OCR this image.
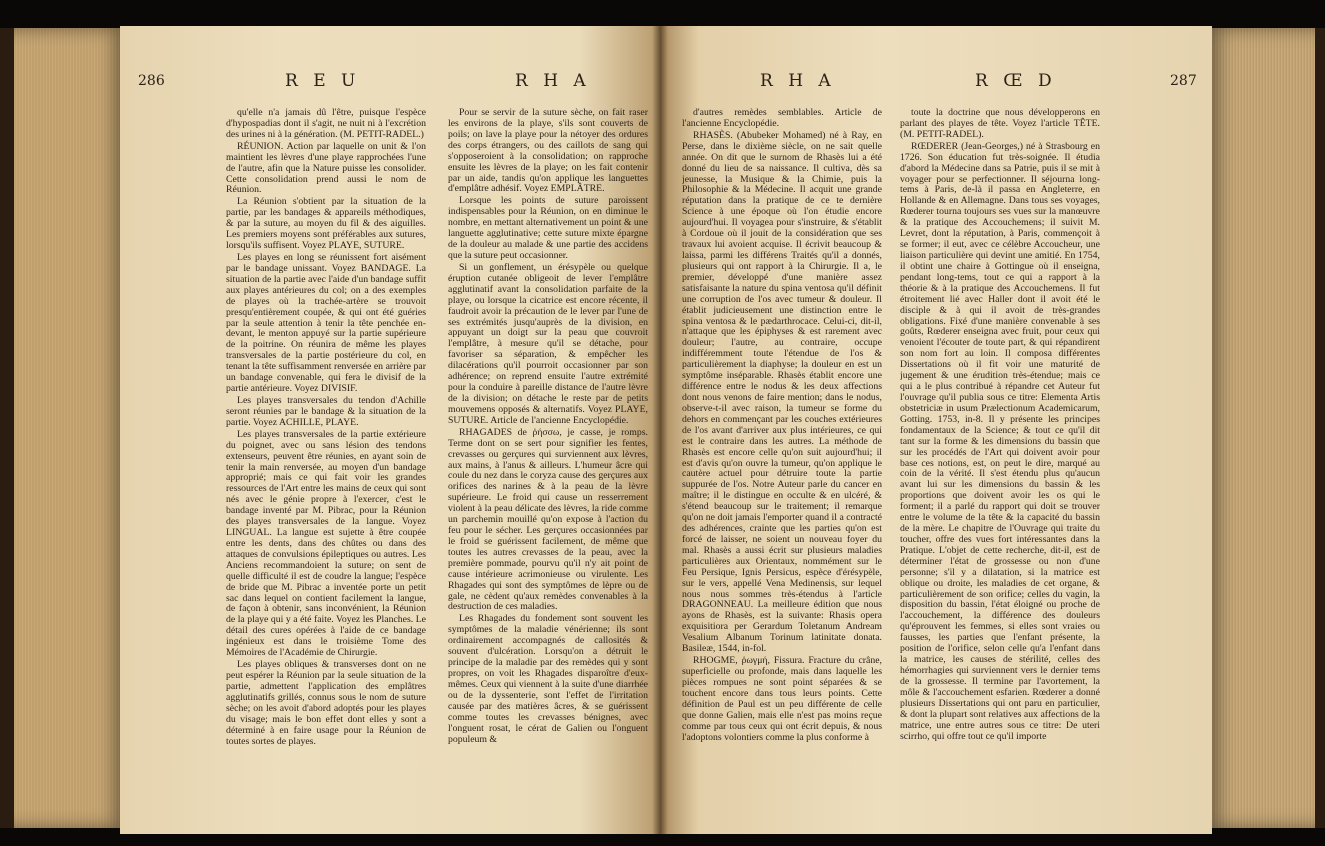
286	R E U	R H A

qu'elle n'a jamais dû l'être, puisque l'espèce d'hypospadias dont il s'agit, ne nuit ni à l'excrétion des urines ni à la génération. (M. PETIT-RADEL.)

RÉUNION. Action par laquelle on unit & l'on maintient les lèvres d'une playe rapprochées l'une de l'autre, afin que la Nature puisse les consolider. Cette consolidation prend aussi le nom de Réunion.

La Réunion s'obtient par la situation de la partie, par les bandages & appareils méthodiques, & par la suture, au moyen du fil & des aiguilles. Les premiers moyens sont préférables aux sutures, lorsqu'ils suffisent. Voyez PLAYE, SUTURE.

Les playes en long se réunissent fort aisément par le bandage unissant. Voyez BANDAGE. La situation de la partie avec l'aide d'un bandage suffit aux playes antérieures du col; on a des exemples de playes où la trachée-artère se trouvoit presqu'entièrement coupée, & qui ont été guéries par la seule attention à tenir la tête penchée en-devant, le menton appuyé sur la partie supérieure de la poitrine. On réunira de même les playes transversales de la partie postérieure du col, en tenant la tête suffisamment renversée en arrière par un bandage convenable, qui fera le divisif de la partie antérieure. Voyez DIVISIF.

Les playes transversales du tendon d'Achille seront réunies par le bandage & la situation de la partie. Voyez ACHILLE, PLAYE.

Les playes transversales de la partie extérieure du poignet, avec ou sans lésion des tendons extenseurs, peuvent être réunies, en ayant soin de tenir la main renversée, au moyen d'un bandage approprié; mais ce qui fait voir les grandes ressources de l'Art entre les mains de ceux qui sont nés avec le génie propre à l'exercer, c'est le bandage inventé par M. Pibrac, pour la Réunion des playes transversales de la langue. Voyez LINGUAL. La langue est sujette à être coupée entre les dents, dans des chûtes ou dans des attaques de convulsions épileptiques ou autres. Les Anciens recommandoient la suture; on sent de quelle difficulté il est de coudre la langue; l'espèce de bride que M. Pibrac a inventée porte un petit sac dans lequel on contient facilement la langue, de façon à obtenir, sans inconvénient, la Réunion de la playe qui y a été faite. Voyez les Planches. Le détail des cures opérées à l'aide de ce bandage ingénieux est dans le troisième Tome des Mémoires de l'Académie de Chirurgie.

Les playes obliques & transverses dont on ne peut espérer la Réunion par la seule situation de la partie, admettent l'application des emplâtres agglutinatifs grillés, connus sous le nom de suture sèche; on les avoit d'abord adoptés pour les playes du visage; mais le bon effet dont elles y sont a déterminé à en faire usage pour la Réunion de toutes sortes de playes.

Pour se servir de la suture sèche, on fait raser les environs de la playe, s'ils sont couverts de poils; on lave la playe pour la nétoyer des ordures des corps étrangers, ou des caillots de sang qui s'opposeroient à la consolidation; on rapproche ensuite les lèvres de la playe; on les fait contenir par un aide, tandis qu'on applique les languettes d'emplâtre adhésif. Voyez EMPLÂTRE.

Lorsque les points de suture paroissent indispensables pour la Réunion, on en diminue le nombre, en mettant alternativement un point & une languette agglutinative; cette suture mixte épargne de la douleur au malade & une partie des accidens que la suture peut occasionner.

Si un gonflement, un érésypèle ou quelque éruption cutanée obligeoit de lever l'emplâtre agglutinatif avant la consolidation parfaite de la playe, ou lorsque la cicatrice est encore récente, il faudroit avoir la précaution de le lever par l'une de ses extrémités jusqu'auprès de la division, en appuyant un doigt sur la peau que couvroit l'emplâtre, à mesure qu'il se détache, pour favoriser sa séparation, & empêcher les dilacérations qu'il pourroit occasionner par son adhérence; on reprend ensuite l'autre extrémité pour la conduire à pareille distance de l'autre lèvre de la division; on détache le reste par de petits mouvemens opposés & alternatifs. Voyez PLAYE, SUTURE. Article de l'ancienne Encyclopédie.

RHAGADES de ῥήσσω, je casse, je romps. Terme dont on se sert pour signifier les fentes, crevasses ou gerçures qui surviennent aux lèvres, aux mains, à l'anus & ailleurs. L'humeur âcre qui coule du nez dans le coryza cause des gerçures aux orifices des narines & à la peau de la lèvre supérieure. Le froid qui cause un resserrement violent à la peau délicate des lèvres, la ride comme un parchemin mouillé qu'on expose à l'action du feu pour le sécher. Les gerçures occasionnées par le froid se guérissent facilement, de même que toutes les autres crevasses de la peau, avec la première pommade, pourvu qu'il n'y ait point de cause intérieure acrimonieuse ou virulente. Les Rhagades qui sont des symptômes de lèpre ou de gale, ne cèdent qu'aux remèdes convenables à la destruction de ces maladies.

Les Rhagades du fondement sont souvent les symptômes de la maladie vénérienne; ils sont ordinairement accompagnés de callosités & souvent d'ulcération. Lorsqu'on a détruit le principe de la maladie par des remèdes qui y sont propres, on voit les Rhagades disparoître d'eux-mêmes. Ceux qui viennent à la suite d'une diarrhée ou de la dyssenterie, sont l'effet de l'irritation causée par des matières âcres, & se guérissent comme toutes les crevasses bénignes, avec l'onguent rosat, le cérat de Galien ou l'onguent populeum &

R H A	R Œ D	287

d'autres remèdes semblables. Article de l'ancienne Encyclopédie.

RHASÈS. (Abubeker Mohamed) né à Ray, en Perse, dans le dixième siècle, on ne sait quelle année. On dit que le surnom de Rhasès lui a été donné du lieu de sa naissance. Il cultiva, dès sa jeunesse, la Musique & la Chimie, puis la Philosophie & la Médecine. Il acquit une grande réputation dans la pratique de ce te dernière Science à une époque où l'on étudie encore aujourd'hui. Il voyagea pour s'instruire, & s'établit à Cordoue où il jouit de la considération que ses travaux lui avoient acquise. Il écrivit beaucoup & laissa, parmi les différens Traités qu'il a donnés, plusieurs qui ont rapport à la Chirurgie. Il a, le premier, développé d'une manière assez satisfaisante la nature du spina ventosa qu'il définit une corruption de l'os avec tumeur & douleur. Il établit judicieusement une distinction entre le spina ventosa & le pædarthrocace. Celui-ci, dit-il, n'attaque que les épiphyses & est rarement avec douleur; l'autre, au contraire, occupe indifféremment toute l'étendue de l'os & particulièrement la diaphyse; la douleur en est un symptôme inséparable. Rhasès établit encore une différence entre le nodus & les deux affections dont nous venons de faire mention; dans le nodus, observe-t-il avec raison, la tumeur se forme du dehors en commençant par les couches extérieures de l'os avant d'arriver aux plus intérieures, ce qui est le contraire dans les autres. La méthode de Rhasès est encore celle qu'on suit aujourd'hui; il est d'avis qu'on ouvre la tumeur, qu'on applique le cautère actuel pour détruire toute la partie suppurée de l'os. Notre Auteur parle du cancer en maître; il le distingue en occulte & en ulcéré, & s'étend beaucoup sur le traitement; il remarque qu'on ne doit jamais l'emporter quand il a contracté des adhérences, crainte que les parties qu'on est forcé de laisser, ne soient un nouveau foyer du mal. Rhasès a aussi écrit sur plusieurs maladies particulières aux Orientaux, nommément sur le Feu Persique, Ignis Persicus, espèce d'érésypèle, sur le vers, appellé Vena Medinensis, sur lequel nous nous sommes très-étendus à l'article DRAGONNEAU. La meilleure édition que nous ayons de Rhasès, est la suivante: Rhasis opera exquisitiora per Gerardum Toletanum Andream Vesalium Albanum Torinum latinitate donata. Basileæ, 1544, in-fol.

RHOGME, ῥωγμή, Fissura. Fracture du crâne, superficielle ou profonde, mais dans laquelle les pièces rompues ne sont point séparées & se touchent encore dans tous leurs points. Cette définition de Paul est un peu différente de celle que donne Galien, mais elle n'est pas moins reçue comme par tous ceux qui ont écrit depuis, & nous l'adoptons volontiers comme la plus conforme à

toute la doctrine que nous développerons en parlant des playes de tête. Voyez l'article TÊTE. (M. PETIT-RADEL).

RŒDERER (Jean-Georges,) né à Strasbourg en 1726. Son éducation fut très-soignée. Il étudia d'abord la Médecine dans sa Patrie, puis il se mit à voyager pour se perfectionner. Il séjourna long-tems à Paris, de-là il passa en Angleterre, en Hollande & en Allemagne. Dans tous ses voyages, Rœderer tourna toujours ses vues sur la manœuvre & la pratique des Accouchemens; il suivit M. Levret, dont la réputation, à Paris, commençoit à se former; il eut, avec ce célèbre Accoucheur, une liaison particulière qui devint une amitié. En 1754, il obtint une chaire à Gottingue où il enseigna, pendant long-tems, tout ce qui a rapport à la théorie & à la pratique des Accouchemens. Il fut étroitement lié avec Haller dont il avoit été le disciple & à qui il avoit de très-grandes obligations. Fixé d'une manière convenable à ses goûts, Rœderer enseigna avec fruit, pour ceux qui venoient l'écouter de toute part, & qui répandirent son nom fort au loin. Il composa différentes Dissertations où il fit voir une maturité de jugement & une érudition très-étendue; mais ce qui a le plus contribué à répandre cet Auteur fut l'ouvrage qu'il publia sous ce titre: Elementa Artis obstetriciæ in usum Prælectionum Academicarum, Gotting. 1753, in-8. Il y présente les principes fondamentaux de la Science; & tout ce qu'il dit tant sur la forme & les dimensions du bassin que sur les procédés de l'Art qui doivent avoir pour base ces notions, est, on peut le dire, marqué au coin de la vérité. Il s'est étendu plus qu'aucun avant lui sur les dimensions du bassin & les proportions que doivent avoir les os qui le forment; il a parlé du rapport qui doit se trouver entre le volume de la tête & la capacité du bassin de la mère. Le chapitre de l'Ouvrage qui traite du toucher, offre des vues fort intéressantes dans la Pratique. L'objet de cette recherche, dit-il, est de déterminer l'état de grossesse ou non d'une personne; s'il y a dilatation, si la matrice est oblique ou droite, les maladies de cet organe, & particulièrement de son orifice; celles du vagin, la disposition du bassin, l'état éloigné ou proche de l'accouchement, la différence des douleurs qu'éprouvent les femmes, si elles sont vraies ou fausses, les parties que l'enfant présente, la position de l'orifice, selon celle qu'a l'enfant dans la matrice, les causes de stérilité, celles des hémorrhagies qui surviennent vers le dernier tems de la grossesse. Il termine par l'avortement, la môle & l'accouchement esfarien. Rœderer a donné plusieurs Dissertations qui ont paru en particulier, & dont la plupart sont relatives aux affections de la matrice, une entre autres sous ce titre: De uteri scirrho, qui offre tout ce qu'il importe
